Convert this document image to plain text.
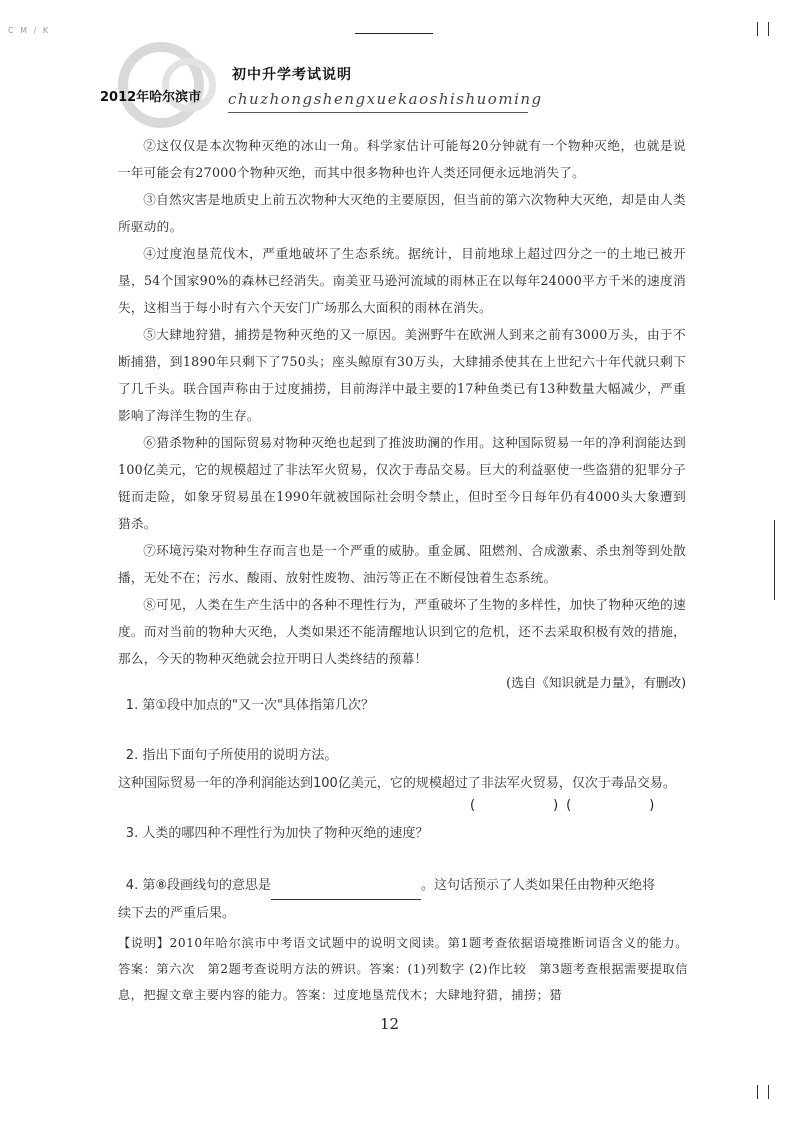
C M / K
2012年哈尔滨市
初中升学考试说明
chuzhongshengxuekaoshishuoming
②这仅仅是本次物种灭绝的冰山一角。科学家估计可能每20分钟就有一个物种灭绝，也就是说一年可能会有27000个物种灭绝，而其中很多物种也许人类还同便永远地消失了。
③自然灾害是地质史上前五次物种大灭绝的主要原因，但当前的第六次物种大灭绝，却是由人类所驱动的。
④过度泡垦荒伐木，严重地破坏了生态系统。据统计，目前地球上超过四分之一的土地已被开垦，54个国家90%的森林已经消失。南美亚马逊河流域的雨林正在以每年24000平方千米的速度消失，这相当于每小时有六个天安门广场那么大面积的雨林在消失。
⑤大肆地狩猎，捕捞是物种灭绝的又一原因。美洲野牛在欧洲人到来之前有3000万头，由于不断捕猎，到1890年只剩下了750头；座头鲸原有30万头，大肆捕杀使其在上世纪六十年代就只剩下了几千头。联合国声称由于过度捕捞，目前海洋中最主要的17种鱼类已有13种数量大幅减少，严重影响了海洋生物的生存。
⑥猎杀物种的国际贸易对物种灭绝也起到了推波助澜的作用。这种国际贸易一年的净利润能达到100亿美元，它的规模超过了非法军火贸易，仅次于毒品交易。巨大的利益驱使一些盗猎的犯罪分子铤而走险，如象牙贸易虽在1990年就被国际社会明令禁止，但时至今日每年仍有4000头大象遭到猎杀。
⑦环境污染对物种生存而言也是一个严重的威胁。重金属、阻燃剂、合成激素、杀虫剂等到处散播，无处不在；污水、酸雨、放射性废物、油污等正在不断侵蚀着生态系统。
⑧可见，人类在生产生活中的各种不理性行为，严重破坏了生物的多样性，加快了物种灭绝的速度。而对当前的物种大灭绝，人类如果还不能清醒地认识到它的危机，还不去采取积极有效的措施，那么，今天的物种灭绝就会拉开明日人类终结的预幕！
(选自《知识就是力量》，有删改)
1. 第①段中加点的"又一次"具体指第几次？
2. 指出下面句子所使用的说明方法。
这种国际贸易一年的净利润能达到100亿美元，它的规模超过了非法军火贸易，仅次于毒品交易。
(	) (	)
3. 人类的哪四种不理性行为加快了物种灭绝的速度？
4. 第⑧段画线句的意思是	。这句话预示了人类如果任由物种灭绝将
续下去的严重后果。
【说明】2010年哈尔滨市中考语文试题中的说明文阅读。第1题考查依据语境推断词语含义的能力。答案：第六次　第2题考查说明方法的辨识。答案：(1)列数字 (2)作比较　第3题考查根据需要提取信息，把握文章主要内容的能力。答案：过度地垦荒伐木；大肆地狩猎，捕捞；猎
12
